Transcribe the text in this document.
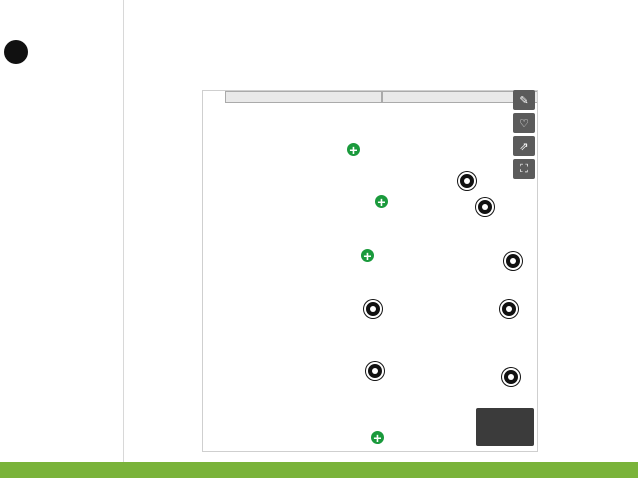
+
+
+
+
✎
♡
⇗
⛶
